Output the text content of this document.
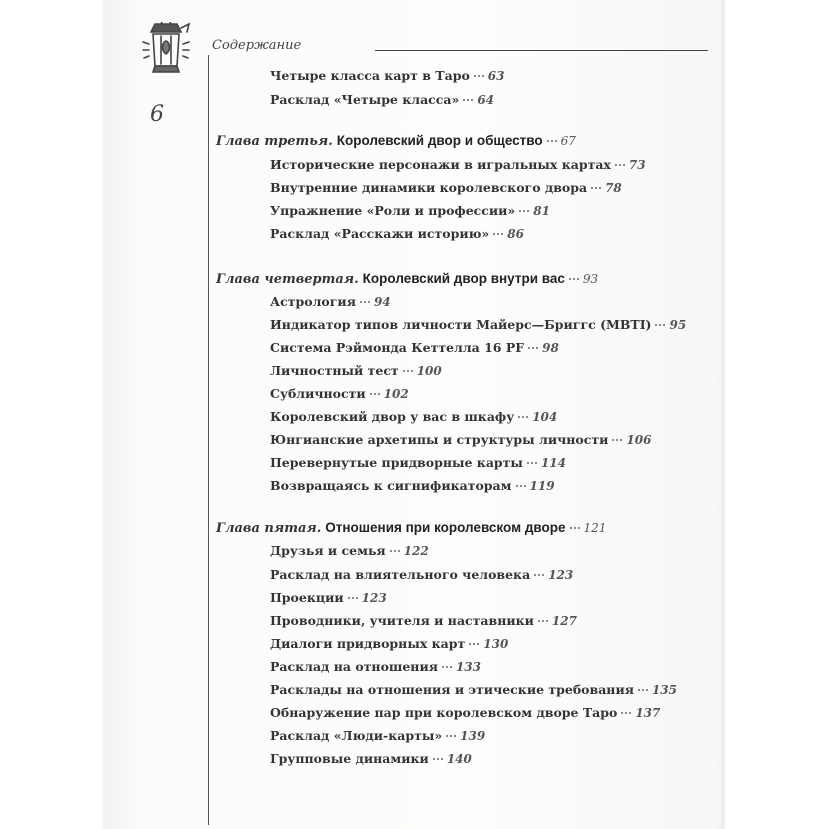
Содержание
6
Четыре класса карт в Таро 63
Расклад «Четыре класса» 64
Глава третья. Королевский двор и общество 67
Исторические персонажи в игральных картах 73
Внутренние динамики королевского двора 78
Упражнение «Роли и профессии» 81
Расклад «Расскажи историю» 86
Глава четвертая. Королевский двор внутри вас 93
Астрология 94
Индикатор типов личности Майерс—Бриггс (MBTI) 95
Система Рэймонда Кеттелла 16 PF 98
Личностный тест 100
Субличности 102
Королевский двор у вас в шкафу 104
Юнгианские архетипы и структуры личности 106
Перевернутые придворные карты 114
Возвращаясь к сигнификаторам 119
Глава пятая. Отношения при королевском дворе 121
Друзья и семья 122
Расклад на влиятельного человека 123
Проекции 123
Проводники, учителя и наставники 127
Диалоги придворных карт 130
Расклад на отношения 133
Расклады на отношения и этические требования 135
Обнаружение пар при королевском дворе Таро 137
Расклад «Люди-карты» 139
Групповые динамики 140
